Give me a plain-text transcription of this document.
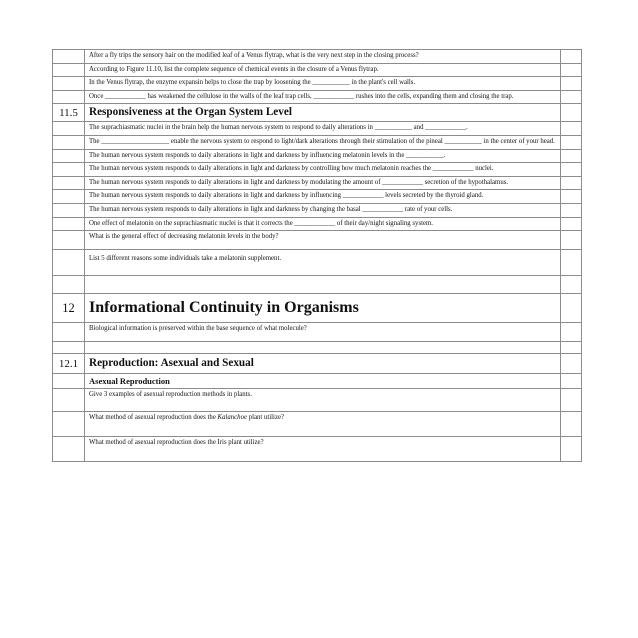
	After a fly trips the sensory hair on the modified leaf of a Venus flytrap, what is the very next step in the closing process?	
	According to Figure 11.10, list the complete sequence of chemical events in the closure of a Venus flytrap.	
	In the Venus flytrap, the enzyme expansin helps to close the trap by loosening the ___________ in the plant's cell walls.	
	Once ____________ has weakened the cellulose in the walls of the leaf trap cells, ____________ rushes into the cells, expanding them and closing the trap.	
11.5	Responsiveness at the Organ System Level	
	The suprachiasmatic nuclei in the brain help the human nervous system to respond to daily alterations in ___________ and ____________.	
	The ____________________ enable the nervous system to respond to light/dark alterations through their stimulation of the pineal ___________ in the center of your head.	
	The human nervous system responds to daily alterations in light and darkness by influencing melatonin levels in the ___________.	
	The human nervous system responds to daily alterations in light and darkness by controlling how much melatonin reaches the ____________ nuclei.	
	The human nervous system responds to daily alterations in light and darkness by modulating the amount of ____________ secretion of the hypothalamus.	
	The human nervous system responds to daily alterations in light and darkness by influencing ____________ levels secreted by the thyroid gland.	
	The human nervous system responds to daily alterations in light and darkness by changing the basal ____________ rate of your cells.	
	One effect of melatonin on the suprachiasmatic nuclei is that it corrects the ____________ of their day/night signaling system.	
	What is the general effect of decreasing melatonin levels in the body?	
	List 5 different reasons some individuals take a melatonin supplement.	

12	Informational Continuity in Organisms	
	Biological information is preserved within the base sequence of what molecule?	

12.1	Reproduction: Asexual and Sexual	
	Asexual Reproduction	
	Give 3 examples of asexual reproduction methods in plants.	
	What method of asexual reproduction does the Kalanchoe plant utilize?	
	What method of asexual reproduction does the Iris plant utilize?	
